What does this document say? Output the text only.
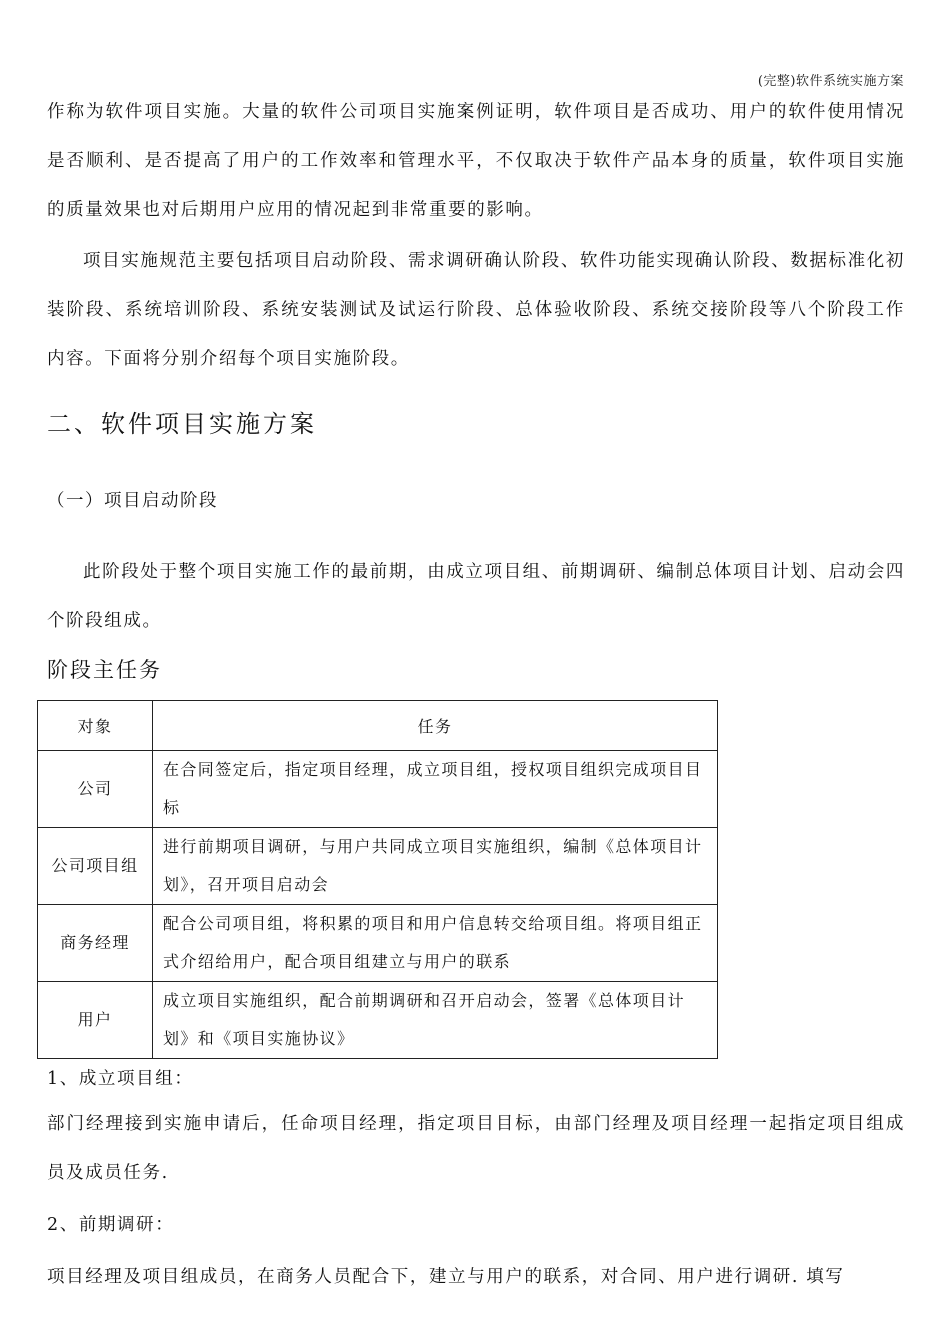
(完整)软件系统实施方案
作称为软件项目实施。大量的软件公司项目实施案例证明，软件项目是否成功、用户的软件使用情况是否顺利、是否提高了用户的工作效率和管理水平，不仅取决于软件产品本身的质量，软件项目实施的质量效果也对后期用户应用的情况起到非常重要的影响。
项目实施规范主要包括项目启动阶段、需求调研确认阶段、软件功能实现确认阶段、数据标准化初装阶段、系统培训阶段、系统安装测试及试运行阶段、总体验收阶段、系统交接阶段等八个阶段工作内容。下面将分别介绍每个项目实施阶段。
二、软件项目实施方案
（一）项目启动阶段
此阶段处于整个项目实施工作的最前期，由成立项目组、前期调研、编制总体项目计划、启动会四个阶段组成。
阶段主任务
对象	任务
公司	在合同签定后，指定项目经理，成立项目组，授权项目组织完成项目目标
公司项目组	进行前期项目调研，与用户共同成立项目实施组织，编制《总体项目计划》，召开项目启动会
商务经理	配合公司项目组，将积累的项目和用户信息转交给项目组。将项目组正式介绍给用户，配合项目组建立与用户的联系
用户	成立项目实施组织，配合前期调研和召开启动会，签署《总体项目计划》和《项目实施协议》
1、成立项目组：
部门经理接到实施申请后，任命项目经理，指定项目目标，由部门经理及项目经理一起指定项目组成员及成员任务.
2、前期调研：
项目经理及项目组成员，在商务人员配合下，建立与用户的联系，对合同、用户进行调研. 填写
